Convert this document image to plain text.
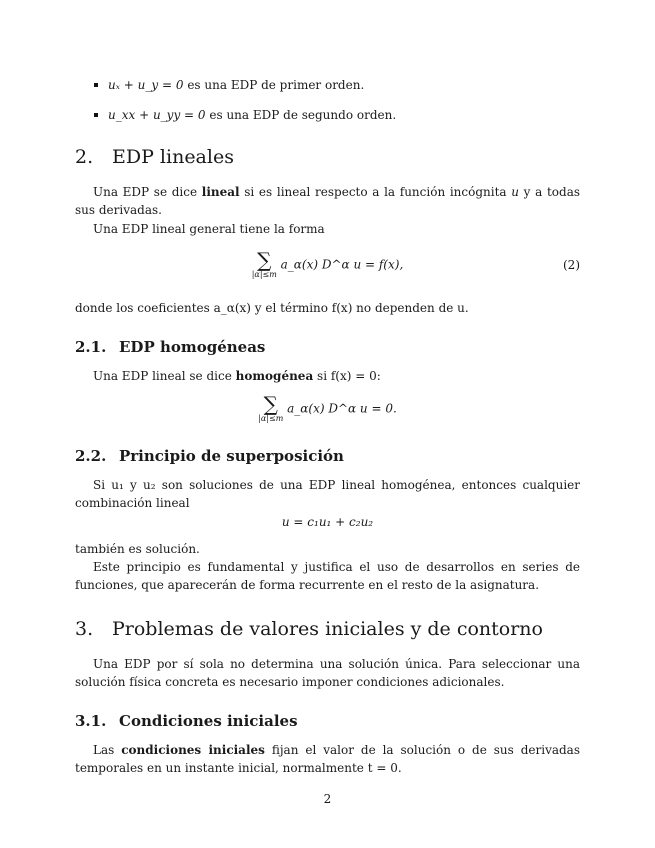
uₓ + u_y = 0 es una EDP de primer orden.
u_xx + u_yy = 0 es una EDP de segundo orden.
2. EDP lineales
Una EDP se dice lineal si es lineal respecto a la función incógnita u y a todas sus derivadas.
Una EDP lineal general tiene la forma
∑
|α|≤m
a_α(x) D^α u = f(x),	(2)
donde los coeficientes a_α(x) y el término f(x) no dependen de u.
2.1. EDP homogéneas
Una EDP lineal se dice homogénea si f(x) = 0:
∑
|α|≤m
a_α(x) D^α u = 0.
2.2. Principio de superposición
Si u₁ y u₂ son soluciones de una EDP lineal homogénea, entonces cualquier combinación lineal
u = c₁u₁ + c₂u₂
también es solución.
Este principio es fundamental y justifica el uso de desarrollos en series de funciones, que aparecerán de forma recurrente en el resto de la asignatura.
3. Problemas de valores iniciales y de contorno
Una EDP por sí sola no determina una solución única. Para seleccionar una solución física concreta es necesario imponer condiciones adicionales.
3.1. Condiciones iniciales
Las condiciones iniciales fijan el valor de la solución o de sus derivadas temporales en un instante inicial, normalmente t = 0.
2
